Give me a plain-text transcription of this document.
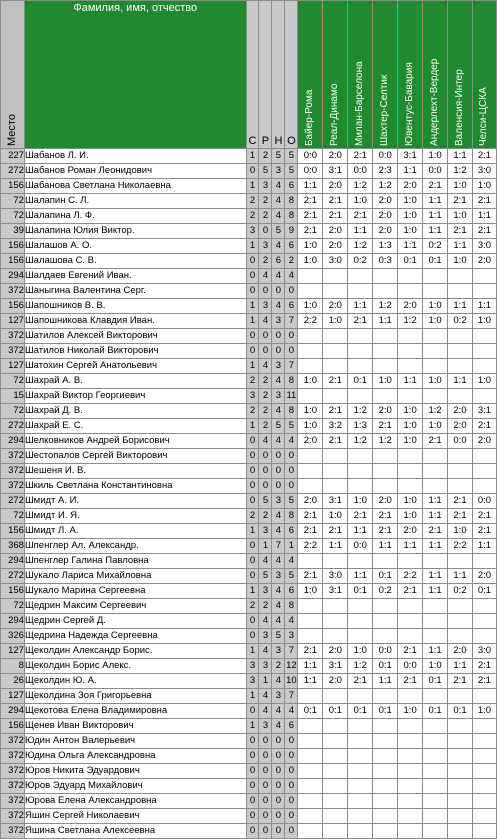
Место	Фамилия, имя, отчество	С	Р	Н	О	Байер-Рома	Реал-Динамо	Милан-Барселона	Шахтер-Селтик	Ювентус-Бавария	Андерлехт-Вердер	Валенсия-Интер	Челси-ЦСКА

227	Шабанов Л. И.	1	2	5	5	0:0	2:0	2:1	0:0	3:1	1:0	1:1	2:1
272	Шабанов Роман Леонидович	0	5	3	5	0:0	3:1	0:0	2:3	1:1	0:0	1:2	3:0
156	Шабанова Светлана Николаевна	1	3	4	6	1:1	2:0	1:2	1:2	2:0	2:1	1:0	1:0
72	Шалапин С. Л.	2	2	4	8	2:1	2:1	1:0	2:0	1:0	1:1	2:1	2:1
72	Шалапина Л. Ф.	2	2	4	8	2:1	2:1	2:1	2:0	1:0	1:1	1:0	1:1
39	Шалапина Юлия Виктор.	3	0	5	9	2:1	2:0	1:1	2:0	1:0	1:1	2:1	2:1
156	Шалашов А. О.	1	3	4	6	1:0	2:0	1:2	1:3	1:1	0:2	1:1	3:0
156	Шалашова С. В.	0	2	6	2	1:0	3:0	0:2	0:3	0:1	0:1	1:0	2:0
294	Шалдаев Евгений Иван.	0	4	4	4								
372	Шаныгина Валентина Серг.	0	0	0	0								
156	Шапошников В. В.	1	3	4	6	1:0	2:0	1:1	1:2	2:0	1:0	1:1	1:1
127	Шапошникова Клавдия Иван.	1	4	3	7	2:2	1:0	2:1	1:1	1:2	1:0	0:2	1:0
372	Шатилов Алексей Викторович	0	0	0	0								
372	Шатилов Николай Викторович	0	0	0	0								
127	Шатохин Сергей Анатольевич	1	4	3	7								
72	Шахрай А. В.	2	2	4	8	1:0	2:1	0:1	1:0	1:1	1:0	1:1	1:0
15	Шахрай Виктор Георгиевич	3	2	3	11								
72	Шахрай Д. В.	2	2	4	8	1:0	2:1	1:2	2:0	1:0	1:2	2:0	3:1
272	Шахрай Е. С.	1	2	5	5	1:0	3:2	1:3	2:1	1:0	1:0	2:0	2:1
294	Шелковников Андрей Борисович	0	4	4	4	2:0	2:1	1:2	1:2	1:0	2:1	0:0	2:0
372	Шестопалов Сергей Викторович	0	0	0	0								
372	Шешеня И. В.	0	0	0	0								
372	Шкиль Светлана Константиновна	0	0	0	0								
272	Шмидт А. И.	0	5	3	5	2:0	3:1	1:0	2:0	1:0	1:1	2:1	0:0
72	Шмидт И. Я.	2	2	4	8	2:1	1:0	2:1	2:1	1:0	1:1	2:1	2:1
156	Шмидт Л. А.	1	3	4	6	2:1	2:1	1:1	2:1	2:0	2:1	1:0	2:1
368	Шпенглер Ал. Александр.	0	1	7	1	2:2	1:1	0:0	1:1	1:1	1:1	2:2	1:1
294	Шпенглер Галина Павловна	0	4	4	4								
272	Шукало Лариса Михайловна	0	5	3	5	2:1	3:0	1:1	0:1	2:2	1:1	1:1	2:0
156	Шукало Марина Сергеевна	1	3	4	6	1:0	3:1	0:1	0:2	2:1	1:1	0:2	0:1
72	Щедрин Максим Сергеевич	2	2	4	8								
294	Щедрин Сергей Д.	0	4	4	4								
326	Щедрина Надежда Сергеевна	0	3	5	3								
127	Щеколдин Александр Борис.	1	4	3	7	2:1	2:0	1:0	0:0	2:1	1:1	2:0	3:0
8	Щеколдин Борис Алекс.	3	3	2	12	1:1	3:1	1:2	0:1	0:0	1:0	1:1	2:1
26	Щеколдин Ю. А.	3	1	4	10	1:1	2:0	2:1	1:1	2:1	0:1	2:1	2:1
127	Щеколдина Зоя Григорьевна	1	4	3	7								
294	Щекотова Елена Владимировна	0	4	4	4	0:1	0:1	0:1	0:1	1:0	0:1	0:1	1:0
156	Щенев Иван Викторович	1	3	4	6								
372	Юдин Антон Валерьевич	0	0	0	0								
372	Юдина Ольга Александровна	0	0	0	0								
372	Юров Никита Эдуардович	0	0	0	0								
372	Юров Эдуард Михайлович	0	0	0	0								
372	Юрова Елена Александровна	0	0	0	0								
372	Яшин Сергей Николаевич	0	0	0	0								
372	Яшина Светлана Алексеевна	0	0	0	0								
